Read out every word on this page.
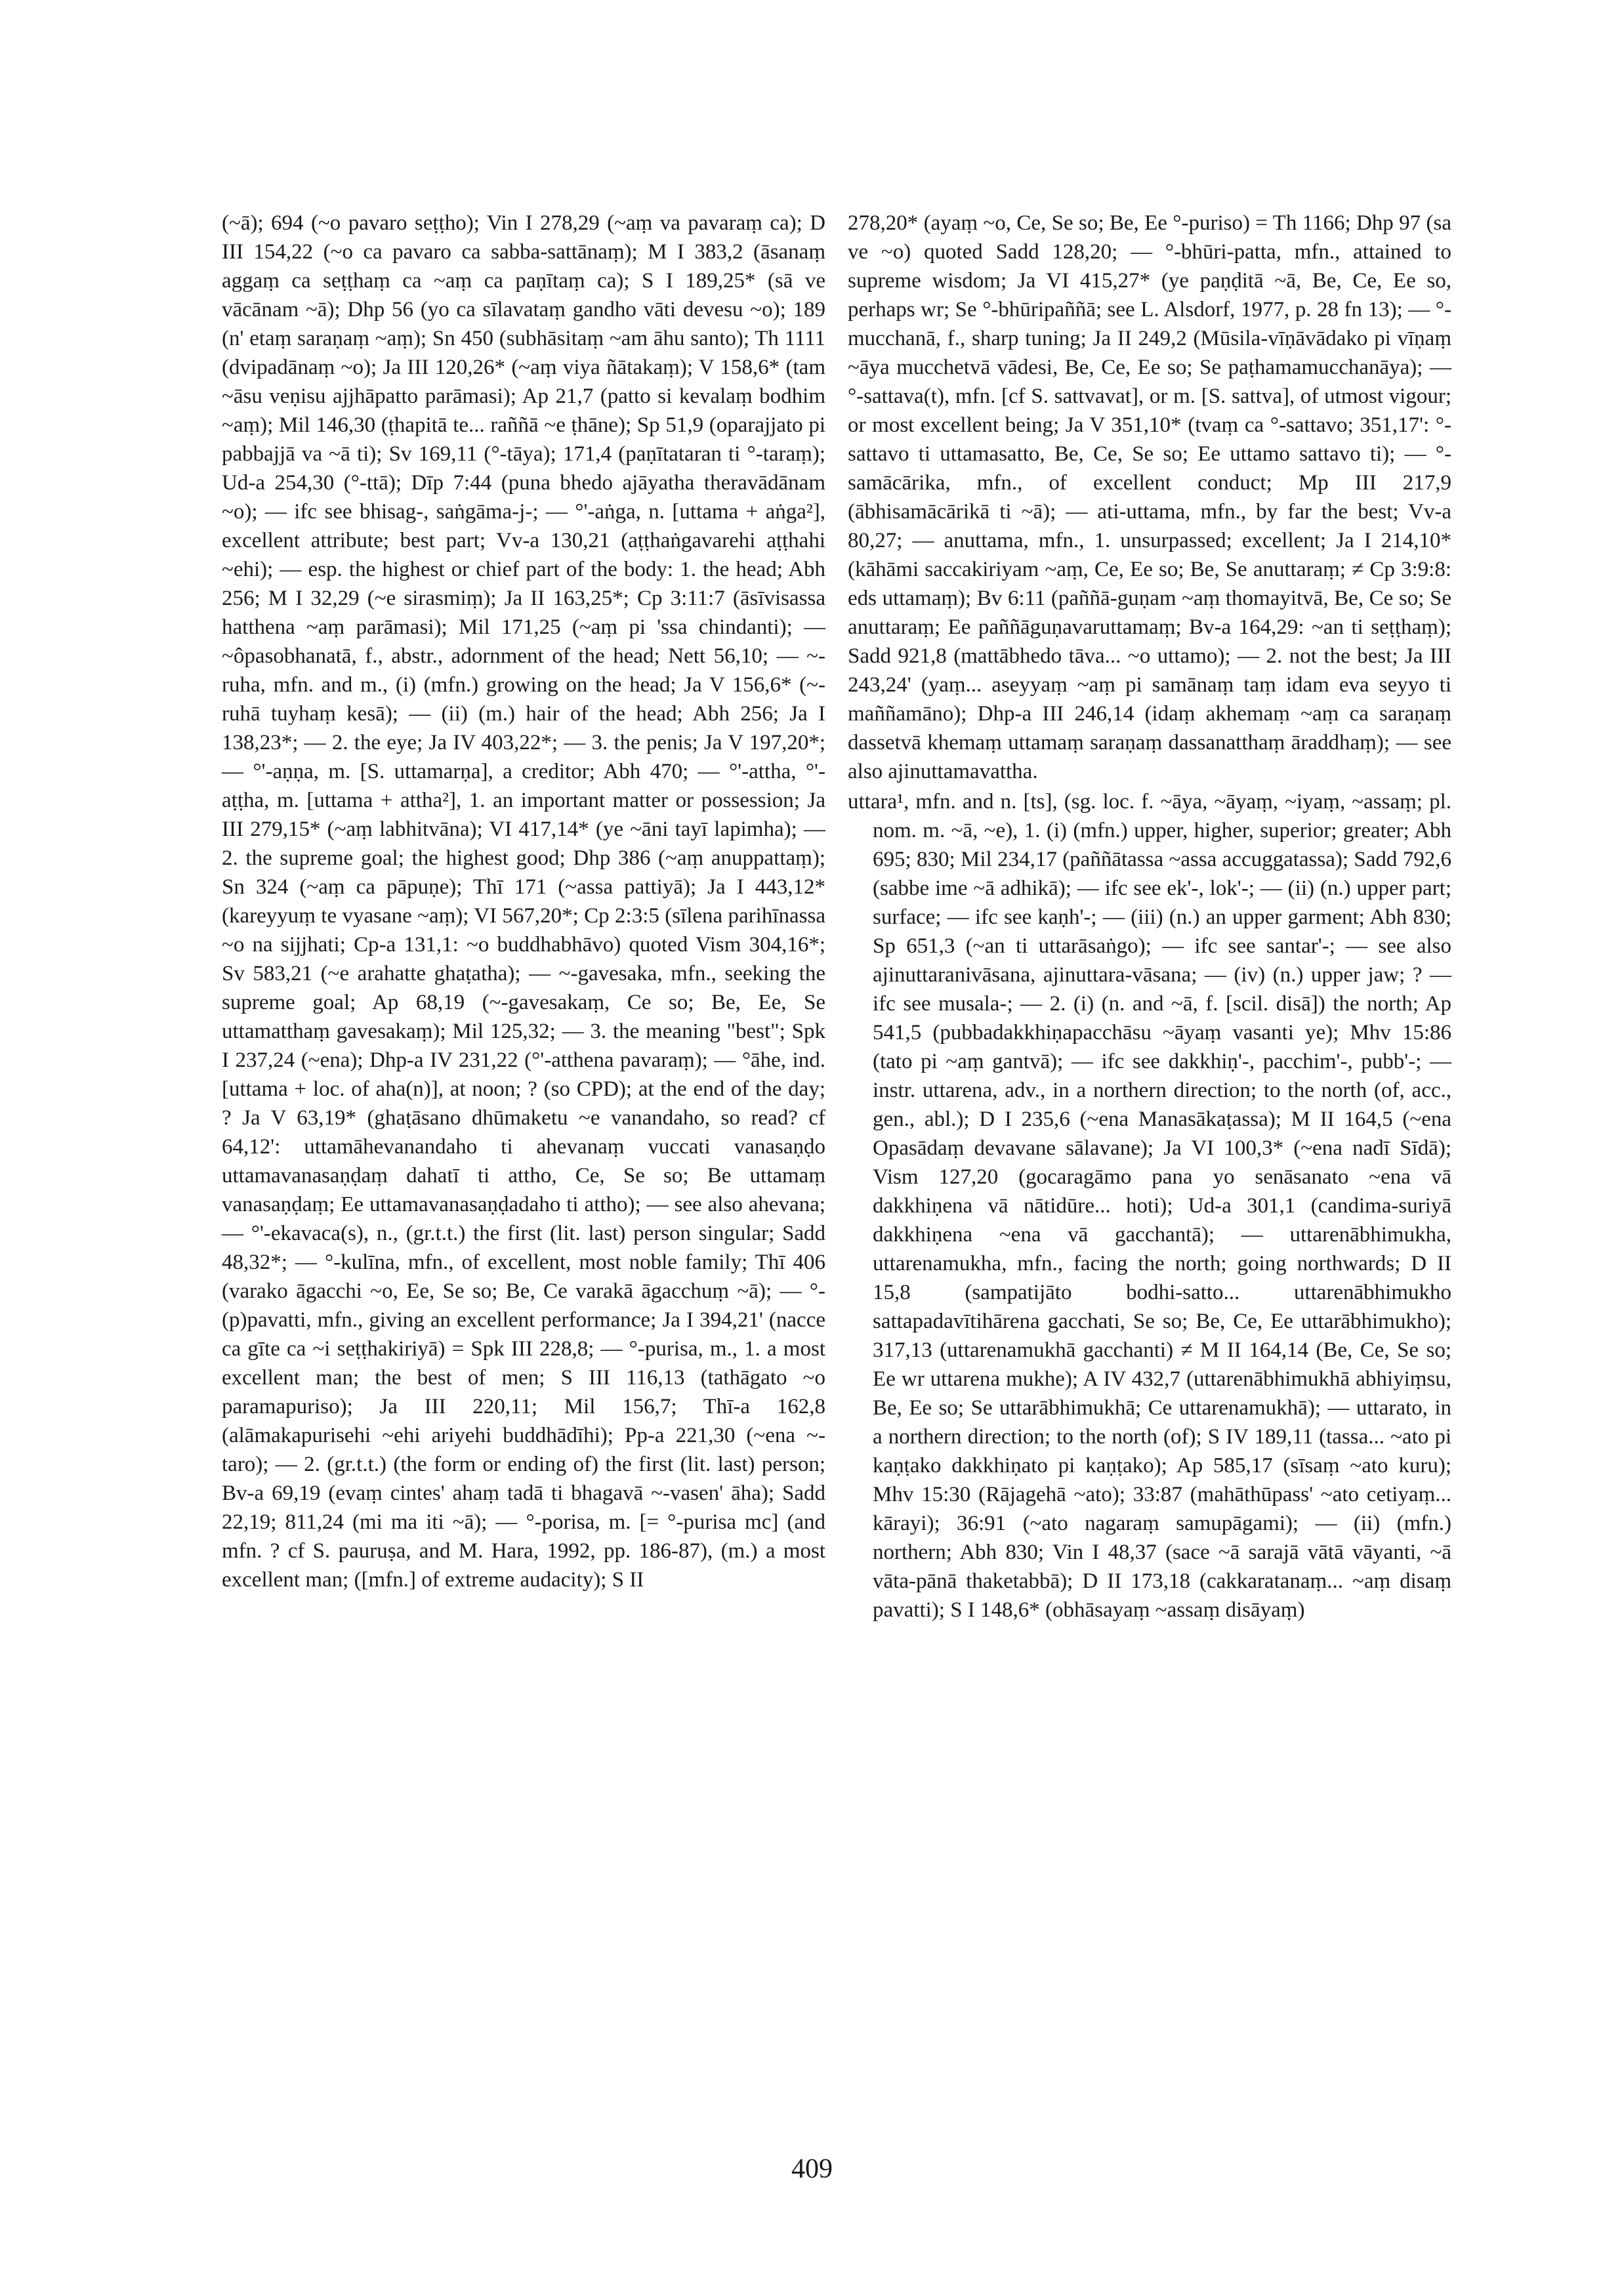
(~ā); 694 (~o pavaro seṭṭho); Vin I 278,29 (~aṃ va pavaraṃ ca); D III 154,22 (~o ca pavaro ca sabba-sattānaṃ); M I 383,2 (āsanaṃ aggaṃ ca seṭṭhaṃ ca ~aṃ ca paṇītaṃ ca); S I 189,25* (sā ve vācānam ~ā); Dhp 56 (yo ca sīlavataṃ gandho vāti devesu ~o); 189 (n' etaṃ saraṇaṃ ~aṃ); Sn 450 (subhāsitaṃ ~am āhu santo); Th 1111 (dvipadānaṃ ~o); Ja III 120,26* (~aṃ viya ñātakaṃ); V 158,6* (tam ~āsu veṇisu ajjhāpatto parāmasi); Ap 21,7 (patto si kevalaṃ bodhim ~aṃ); Mil 146,30 (ṭhapitā te... raññā ~e ṭhāne); Sp 51,9 (oparajjato pi pabbajjā va ~ā ti); Sv 169,11 (°-tāya); 171,4 (paṇītataran ti °-taraṃ); Ud-a 254,30 (°-ttā); Dīp 7:44 (puna bhedo ajāyatha theravādānam ~o); — ifc see bhisag-, saṅgāma-j-; — °'-aṅga, n. [uttama + aṅga²], excellent attribute; best part; Vv-a 130,21 (aṭṭhaṅgavarehi aṭṭhahi ~ehi); — esp. the highest or chief part of the body: 1. the head; Abh 256; M I 32,29 (~e sirasmiṃ); Ja II 163,25*; Cp 3:11:7 (āsīvisassa hatthena ~aṃ parāmasi); Mil 171,25 (~aṃ pi 'ssa chindanti); — ~ôpasobhanatā, f., abstr., adornment of the head; Nett 56,10; — ~-ruha, mfn. and m., (i) (mfn.) growing on the head; Ja V 156,6* (~-ruhā tuyhaṃ kesā); — (ii) (m.) hair of the head; Abh 256; Ja I 138,23*; — 2. the eye; Ja IV 403,22*; — 3. the penis; Ja V 197,20*; — °'-aṇṇa, m. [S. uttamarṇa], a creditor; Abh 470; — °'-attha, °'-aṭṭha, m. [uttama + attha²], 1. an important matter or possession; Ja III 279,15* (~aṃ labhitvāna); VI 417,14* (ye ~āni tayī lapimha); — 2. the supreme goal; the highest good; Dhp 386 (~aṃ anuppattaṃ); Sn 324 (~aṃ ca pāpuṇe); Thī 171 (~assa pattiyā); Ja I 443,12* (kareyyuṃ te vyasane ~aṃ); VI 567,20*; Cp 2:3:5 (sīlena parihīnassa ~o na sijjhati; Cp-a 131,1: ~o buddhabhāvo) quoted Vism 304,16*; Sv 583,21 (~e arahatte ghaṭatha); — ~-gavesaka, mfn., seeking the supreme goal; Ap 68,19 (~-gavesakaṃ, Ce so; Be, Ee, Se uttamatthaṃ gavesakaṃ); Mil 125,32; — 3. the meaning "best"; Spk I 237,24 (~ena); Dhp-a IV 231,22 (°'-atthena pavaraṃ); — °āhe, ind. [uttama + loc. of aha(n)], at noon; ? (so CPD); at the end of the day; ? Ja V 63,19* (ghaṭāsano dhūmaketu ~e vanandaho, so read? cf 64,12': uttamāhevanandaho ti ahevanaṃ vuccati vanasaṇḍo uttamavanasaṇḍaṃ dahatī ti attho, Ce, Se so; Be uttamaṃ vanasaṇḍaṃ; Ee uttamavanasaṇḍadaho ti attho); — see also ahevana; — °'-ekavaca(s), n., (gr.t.t.) the first (lit. last) person singular; Sadd 48,32*; — °-kulīna, mfn., of excellent, most noble family; Thī 406 (varako āgacchi ~o, Ee, Se so; Be, Ce varakā āgacchuṃ ~ā); — °-(p)pavatti, mfn., giving an excellent performance; Ja I 394,21' (nacce ca gīte ca ~i seṭṭhakiriyā) = Spk III 228,8; — °-purisa, m., 1. a most excellent man; the best of men; S III 116,13 (tathāgato ~o paramapuriso); Ja III 220,11; Mil 156,7; Thī-a 162,8 (alāmakapurisehi ~ehi ariyehi buddhādīhi); Pp-a 221,30 (~ena ~-taro); — 2. (gr.t.t.) (the form or ending of) the first (lit. last) person; Bv-a 69,19 (evaṃ cintes' ahaṃ tadā ti bhagavā ~-vasen' āha); Sadd 22,19; 811,24 (mi ma iti ~ā); — °-porisa, m. [= °-purisa mc] (and mfn. ? cf S. pauruṣa, and M. Hara, 1992, pp. 186-87), (m.) a most excellent man; ([mfn.] of extreme audacity); S II

278,20* (ayaṃ ~o, Ce, Se so; Be, Ee °-puriso) = Th 1166; Dhp 97 (sa ve ~o) quoted Sadd 128,20; — °-bhūri-patta, mfn., attained to supreme wisdom; Ja VI 415,27* (ye paṇḍitā ~ā, Be, Ce, Ee so, perhaps wr; Se °-bhūripaññā; see L. Alsdorf, 1977, p. 28 fn 13); — °-mucchanā, f., sharp tuning; Ja II 249,2 (Mūsila-vīṇāvādako pi vīṇaṃ ~āya mucchetvā vādesi, Be, Ce, Ee so; Se paṭhamamucchanāya); — °-sattava(t), mfn. [cf S. sattvavat], or m. [S. sattva], of utmost vigour; or most excellent being; Ja V 351,10* (tvaṃ ca °-sattavo; 351,17': °-sattavo ti uttamasatto, Be, Ce, Se so; Ee uttamo sattavo ti); — °-samācārika, mfn., of excellent conduct; Mp III 217,9 (ābhisamācārikā ti ~ā); — ati-uttama, mfn., by far the best; Vv-a 80,27; — anuttama, mfn., 1. unsurpassed; excellent; Ja I 214,10* (kāhāmi saccakiriyam ~aṃ, Ce, Ee so; Be, Se anuttaraṃ; ≠ Cp 3:9:8: eds uttamaṃ); Bv 6:11 (paññā-guṇam ~aṃ thomayitvā, Be, Ce so; Se anuttaraṃ; Ee paññāguṇavaruttamaṃ; Bv-a 164,29: ~an ti seṭṭhaṃ); Sadd 921,8 (mattābhedo tāva... ~o uttamo); — 2. not the best; Ja III 243,24' (yaṃ... aseyyaṃ ~aṃ pi samānaṃ taṃ idam eva seyyo ti maññamāno); Dhp-a III 246,14 (idaṃ akhemaṃ ~aṃ ca saraṇaṃ dassetvā khemaṃ uttamaṃ saraṇaṃ dassanatthaṃ āraddhaṃ); — see also ajinuttamavattha.

uttara¹, mfn. and n. [ts], (sg. loc. f. ~āya, ~āyaṃ, ~iyaṃ, ~assaṃ; pl. nom. m. ~ā, ~e), 1. (i) (mfn.) upper, higher, superior; greater; Abh 695; 830; Mil 234,17 (paññātassa ~assa accuggatassa); Sadd 792,6 (sabbe ime ~ā adhikā); — ifc see ek'-, lok'-; — (ii) (n.) upper part; surface; — ifc see kaṇh'-; — (iii) (n.) an upper garment; Abh 830; Sp 651,3 (~an ti uttarāsaṅgo); — ifc see santar'-; — see also ajinuttaranivāsana, ajinuttara-vāsana; — (iv) (n.) upper jaw; ? — ifc see musala-; — 2. (i) (n. and ~ā, f. [scil. disā]) the north; Ap 541,5 (pubbadakkhiṇapacchāsu ~āyaṃ vasanti ye); Mhv 15:86 (tato pi ~aṃ gantvā); — ifc see dakkhiṇ'-, pacchim'-, pubb'-; — instr. uttarena, adv., in a northern direction; to the north (of, acc., gen., abl.); D I 235,6 (~ena Manasākaṭassa); M II 164,5 (~ena Opasādaṃ devavane sālavane); Ja VI 100,3* (~ena nadī Sīdā); Vism 127,20 (gocaragāmo pana yo senāsanato ~ena vā dakkhiṇena vā nātidūre... hoti); Ud-a 301,1 (candima-suriyā dakkhiṇena ~ena vā gacchantā); — uttarenābhimukha, uttarenamukha, mfn., facing the north; going northwards; D II 15,8 (sampatijāto bodhi-satto... uttarenābhimukho sattapadavītihārena gacchati, Se so; Be, Ce, Ee uttarābhimukho); 317,13 (uttarenamukhā gacchanti) ≠ M II 164,14 (Be, Ce, Se so; Ee wr uttarena mukhe); A IV 432,7 (uttarenābhimukhā abhiyiṃsu, Be, Ee so; Se uttarābhimukhā; Ce uttarenamukhā); — uttarato, in a northern direction; to the north (of); S IV 189,11 (tassa... ~ato pi kaṇṭako dakkhiṇato pi kaṇṭako); Ap 585,17 (sīsaṃ ~ato kuru); Mhv 15:30 (Rājagehā ~ato); 33:87 (mahāthūpass' ~ato cetiyaṃ... kārayi); 36:91 (~ato nagaraṃ samupāgami); — (ii) (mfn.) northern; Abh 830; Vin I 48,37 (sace ~ā sarajā vātā vāyanti, ~ā vāta-pānā thaketabbā); D II 173,18 (cakkaratanaṃ... ~aṃ disaṃ pavatti); S I 148,6* (obhāsayaṃ ~assaṃ disāyaṃ)

409
